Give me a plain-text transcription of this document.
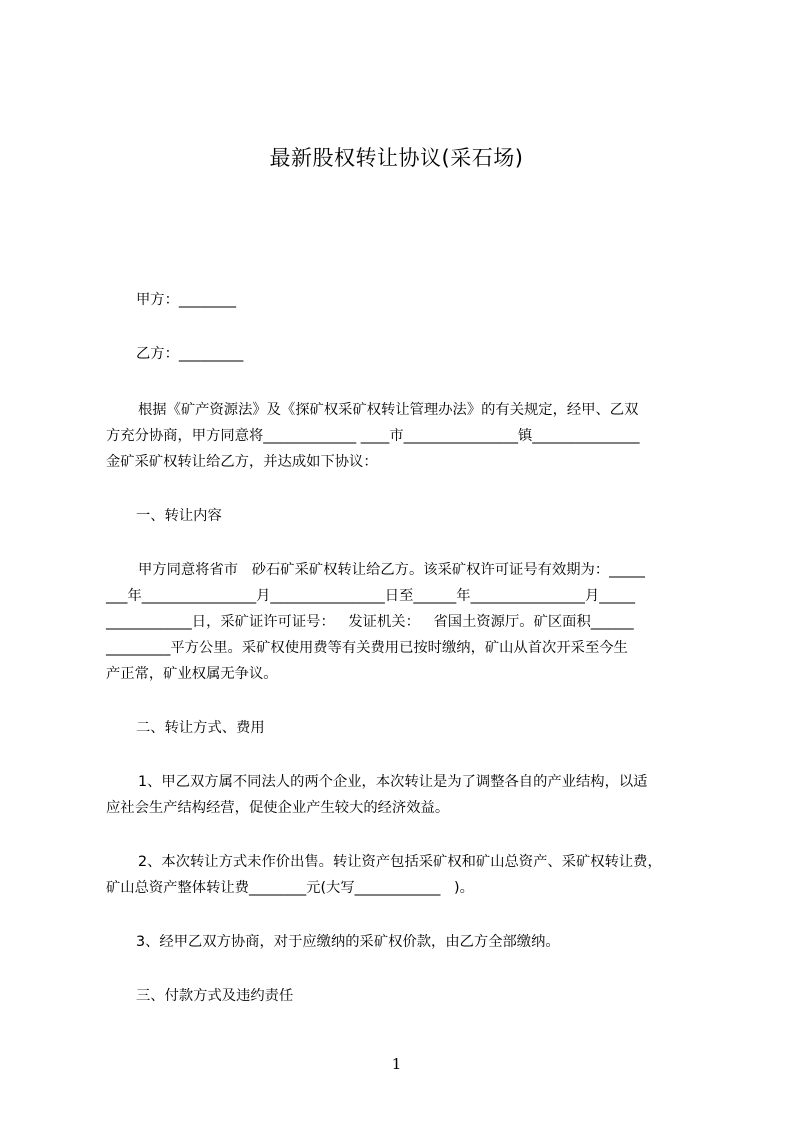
最新股权转让协议(采石场)
甲方：________
乙方：_________
根据《矿产资源法》及《探矿权采矿权转让管理办法》的有关规定，经甲、乙双
方充分协商，甲方同意将_____________ ____市________________镇_______________
金矿采矿权转让给乙方，并达成如下协议：
一、转让内容
甲方同意将省市   砂石矿采矿权转让给乙方。该采矿权许可证号有效期为：_____
___年________________月________________日至______年________________月_____
____________日，采矿证许可证号：   发证机关：   省国土资源厅。矿区面积______
_________平方公里。采矿权使用费等有关费用已按时缴纳，矿山从首次开采至今生
产正常，矿业权属无争议。
二、转让方式、费用
1、甲乙双方属不同法人的两个企业，本次转让是为了调整各自的产业结构，以适
应社会生产结构经营，促使企业产生较大的经济效益。
2、本次转让方式未作价出售。转让资产包括采矿权和矿山总资产、采矿权转让费，
矿山总资产整体转让费________元(大写____________   )。
3、经甲乙双方协商，对于应缴纳的采矿权价款，由乙方全部缴纳。
三、付款方式及违约责任
1
